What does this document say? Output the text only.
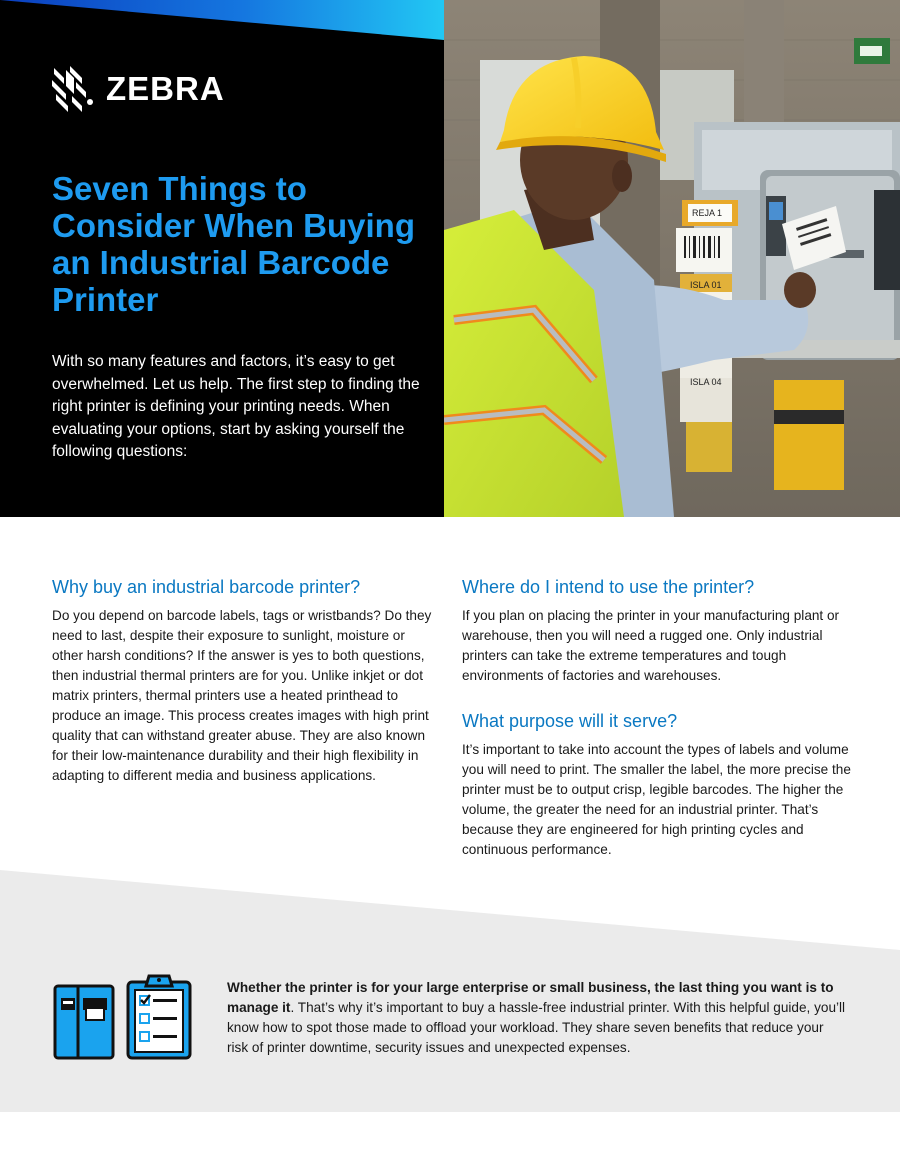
ZEBRA
Seven Things to Consider When Buying an Industrial Barcode Printer

With so many features and factors, it’s easy to get overwhelmed. Let us help. The first step to finding the right printer is defining your printing needs. When evaluating your options, start by asking yourself the following questions:

REJA 1
ISLA 01
ISLA 04
Why buy an industrial barcode printer?

Do you depend on barcode labels, tags or wristbands? Do they need to last, despite their exposure to sunlight, moisture or other harsh conditions? If the answer is yes to both questions, then industrial thermal printers are for you. Unlike inkjet or dot matrix printers, thermal printers use a heated printhead to produce an image. This process creates images with high print quality that can withstand greater abuse. They are also known for their low-maintenance durability and their high flexibility in adapting to different media and business applications.

Where do I intend to use the printer?

If you plan on placing the printer in your manufacturing plant or warehouse, then you will need a rugged one. Only industrial printers can take the extreme temperatures and tough environments of factories and warehouses.

What purpose will it serve?

It’s important to take into account the types of labels and volume you will need to print. The smaller the label, the more precise the printer must be to output crisp, legible barcodes. The higher the volume, the greater the need for an industrial printer. That’s because they are engineered for high printing cycles and continuous performance.

Whether the printer is for your large enterprise or small business, the last thing you want is to manage it. That’s why it’s important to buy a hassle-free industrial printer. With this helpful guide, you’ll know how to spot those made to offload your workload. They share seven benefits that reduce your risk of printer downtime, security issues and unexpected expenses.
